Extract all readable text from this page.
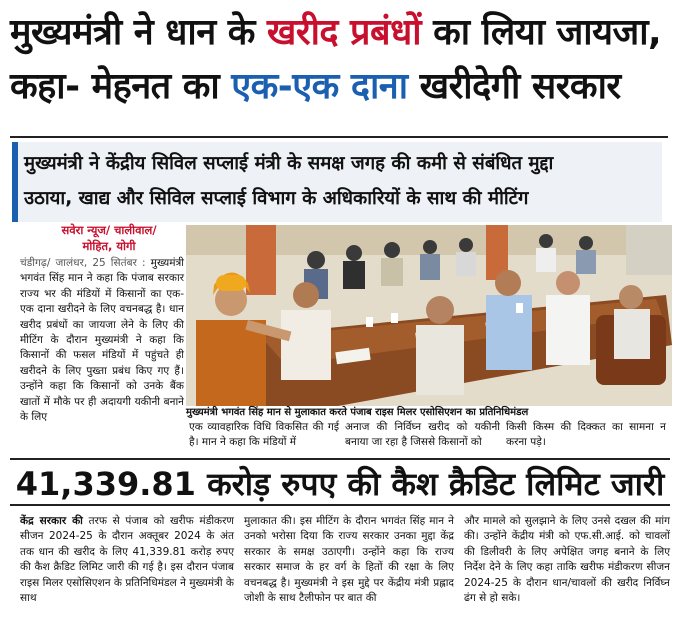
मुख्यमंत्री ने धान के खरीद प्रबंधों का लिया जायजा,
कहा- मेहनत का एक-एक दाना खरीदेगी सरकार
मुख्यमंत्री ने केंद्रीय सिविल सप्लाई मंत्री के समक्ष जगह की कमी से संबंधित मुद्दा
उठाया, खाद्य और सिविल सप्लाई विभाग के अधिकारियों के साथ की मीटिंग
सवेरा न्यूज/ चालीवाल/
मोहित, योगी
चंडीगढ़/ जालंधर, 25 सितंबर : मुख्यमंत्री भगवंत सिंह मान ने कहा कि पंजाब सरकार राज्य भर की मंडियों में किसानों का एक-एक दाना खरीदने के लिए वचनबद्ध है। धान खरीद प्रबंधों का जायजा लेने के लिए की मीटिंग के दौरान मुख्यमंत्री ने कहा कि किसानों की फसल मंडियों में पहुंचते ही खरीदने के लिए पुख्ता प्रबंध किए गए हैं। उन्होंने कहा कि किसानों को उनके बैंक खातों में मौके पर ही अदायगी यकीनी बनाने के लिए	मुख्यमंत्री भगवंत सिंह मान से मुलाकात करते पंजाब राइस मिलर एसोसिएशन का प्रतिनिधिमंडल
एक व्यावहारिक विधि विकसित की गई है। मान ने कहा कि मंडियों में
अनाज की निर्विघ्न खरीद को यकीनी बनाया जा रहा है जिससे किसानों को
किसी किस्म की दिक्कत का सामना न करना पड़े।
41,339.81 करोड़ रुपए की कैश क्रैडिट लिमिट जारी
केंद्र सरकार की तरफ से पंजाब को खरीफ मंडीकरण सीजन 2024-25 के दौरान अक्तूबर 2024 के अंत तक धान की खरीद के लिए 41,339.81 करोड़ रुपए की कैश क्रैडिट लिमिट जारी की गई है। इस दौरान पंजाब राइस मिलर एसोसिएशन के प्रतिनिधिमंडल ने मुख्यमंत्री के साथ
मुलाकात की। इस मीटिंग के दौरान भगवंत सिंह मान ने उनको भरोसा दिया कि राज्य सरकार उनका मुद्दा केंद्र सरकार के समक्ष उठाएगी। उन्होंने कहा कि राज्य सरकार समाज के हर वर्ग के हितों की रक्षा के लिए वचनबद्ध है। मुख्यमंत्री ने इस मुद्दे पर केंद्रीय मंत्री प्रह्लाद जोशी के साथ टैलीफोन पर बात की
और मामले को सुलझाने के लिए उनसे दखल की मांग की। उन्होंने केंद्रीय मंत्री को एफ.सी.आई. को चावलों की डिलीवरी के लिए अपेक्षित जगह बनाने के लिए निर्देश देने के लिए कहा ताकि खरीफ मंडीकरण सीजन 2024-25 के दौरान धान/चावलों की खरीद निर्विघ्न ढंग से हो सके।
